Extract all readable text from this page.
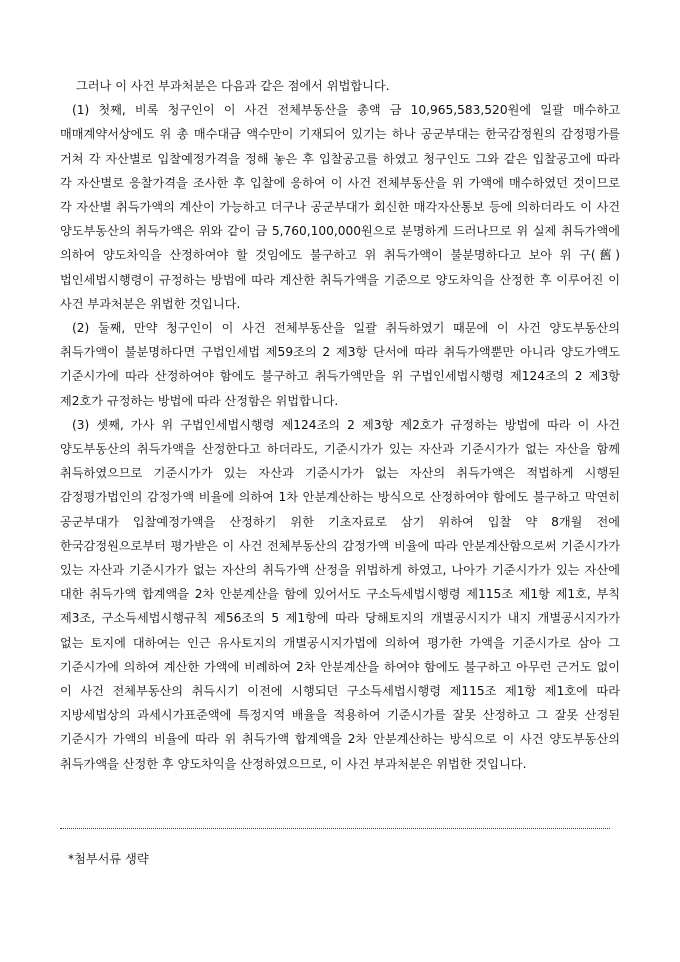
그러나 이 사건 부과처분은 다음과 같은 점에서 위법합니다.

(1) 첫째, 비록 청구인이 이 사건 전체부동산을 총액 금 10,965,583,520원에 일괄 매수하고 매매계약서상에도 위 총 매수대금 액수만이 기재되어 있기는 하나 공군부대는 한국감정원의 감정평가를 거쳐 각 자산별로 입찰예정가격을 정해 놓은 후 입찰공고를 하였고 청구인도 그와 같은 입찰공고에 따라 각 자산별로 응찰가격을 조사한 후 입찰에 응하여 이 사건 전체부동산을 위 가액에 매수하였던 것이므로 각 자산별 취득가액의 계산이 가능하고 더구나 공군부대가 회신한 매각자산통보 등에 의하더라도 이 사건 양도부동산의 취득가액은 위와 같이 금 5,760,100,000원으로 분명하게 드러나므로 위 실제 취득가액에 의하여 양도차익을 산정하여야 할 것임에도 불구하고 위 취득가액이 불분명하다고 보아 위 구(舊)법인세법시행령이 규정하는 방법에 따라 계산한 취득가액을 기준으로 양도차익을 산정한 후 이루어진 이 사건 부과처분은 위법한 것입니다.

(2) 둘째, 만약 청구인이 이 사건 전체부동산을 일괄 취득하였기 때문에 이 사건 양도부동산의 취득가액이 불분명하다면 구법인세법 제59조의 2 제3항 단서에 따라 취득가액뿐만 아니라 양도가액도 기준시가에 따라 산정하여야 함에도 불구하고 취득가액만을 위 구법인세법시행령 제124조의 2 제3항 제2호가 규정하는 방법에 따라 산정함은 위법합니다.

(3) 셋째, 가사 위 구법인세법시행령 제124조의 2 제3항 제2호가 규정하는 방법에 따라 이 사건 양도부동산의 취득가액을 산정한다고 하더라도, 기준시가가 있는 자산과 기준시가가 없는 자산을 함께 취득하였으므로 기준시가가 있는 자산과 기준시가가 없는 자산의 취득가액은 적법하게 시행된 감정평가법인의 감정가액 비율에 의하여 1차 안분계산하는 방식으로 산정하여야 함에도 불구하고 막연히 공군부대가 입찰예정가액을 산정하기 위한 기초자료로 삼기 위하여 입찰 약 8개월 전에 한국감정원으로부터 평가받은 이 사건 전체부동산의 감정가액 비율에 따라 안분계산함으로써 기준시가가 있는 자산과 기준시가가 없는 자산의 취득가액 산정을 위법하게 하였고, 나아가 기준시가가 있는 자산에 대한 취득가액 합계액을 2차 안분계산을 함에 있어서도 구소득세법시행령 제115조 제1항 제1호, 부칙 제3조, 구소득세법시행규칙 제56조의 5 제1항에 따라 당해토지의 개별공시지가 내지 개별공시지가가 없는 토지에 대하여는 인근 유사토지의 개별공시지가법에 의하여 평가한 가액을 기준시가로 삼아 그 기준시가에 의하여 계산한 가액에 비례하여 2차 안분계산을 하여야 함에도 불구하고 아무런 근거도 없이 이 사건 전체부동산의 취득시기 이전에 시행되던 구소득세법시행령 제115조 제1항 제1호에 따라 지방세법상의 과세시가표준액에 특정지역 배율을 적용하여 기준시가를 잘못 산정하고 그 잘못 산정된 기준시가 가액의 비율에 따라 위 취득가액 합계액을 2차 안분계산하는 방식으로 이 사건 양도부동산의 취득가액을 산정한 후 양도차익을 산정하였으므로, 이 사건 부과처분은 위법한 것입니다.

*첨부서류 생략
